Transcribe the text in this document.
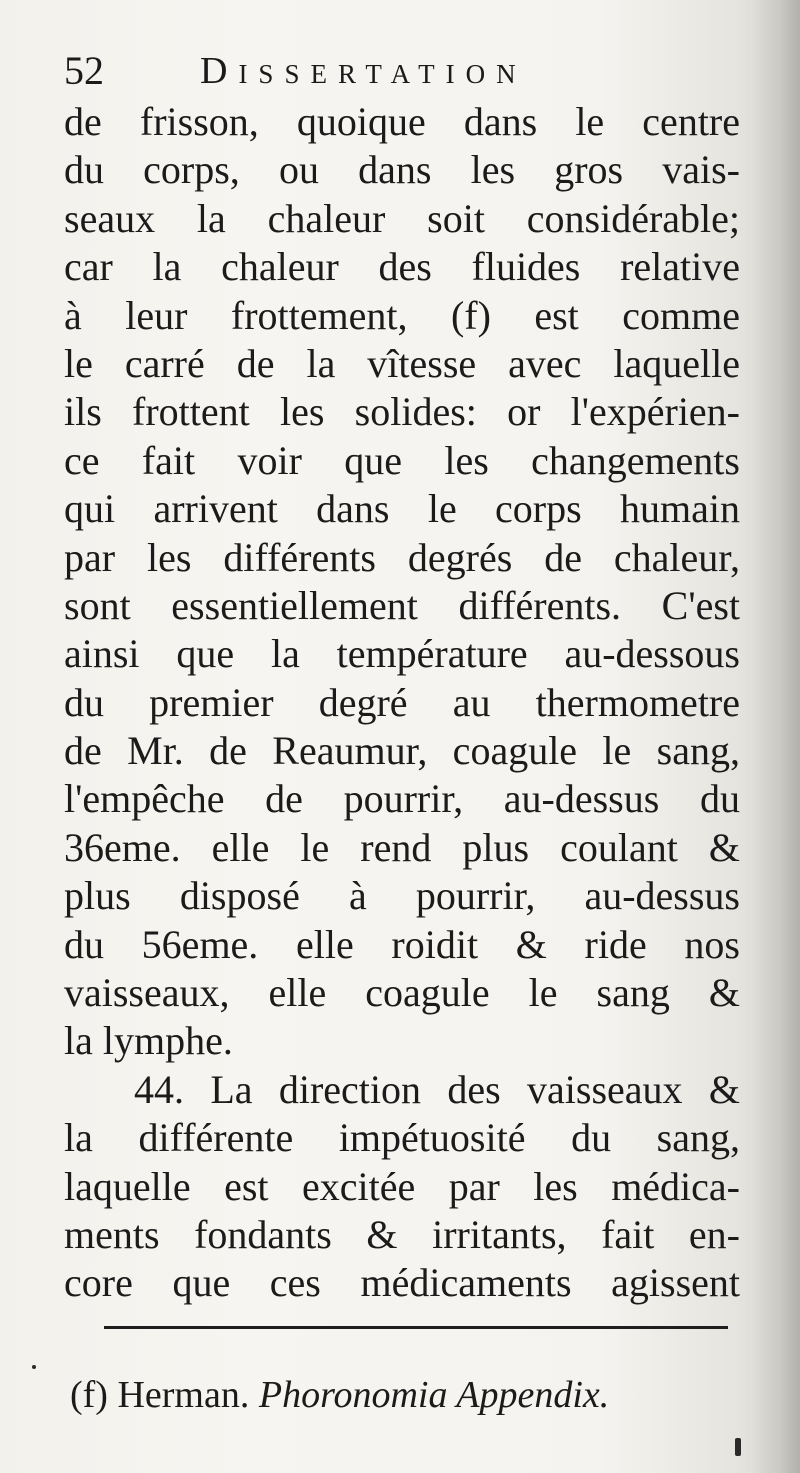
52	Dissertation
de frisson, quoique dans le centre
du corps, ou dans les gros vais-
seaux la chaleur soit considérable;
car la chaleur des fluides relative
à leur frottement, (f) est comme
le carré de la vîtesse avec laquelle
ils frottent les solides: or l'expérien-
ce fait voir que les changements
qui arrivent dans le corps humain
par les différents degrés de chaleur,
sont essentiellement différents. C'est
ainsi que la température au-dessous
du premier degré au thermometre
de Mr. de Reaumur, coagule le sang,
l'empêche de pourrir, au-dessus du
36eme. elle le rend plus coulant &
plus disposé à pourrir, au-dessus
du 56eme. elle roidit & ride nos
vaisseaux, elle coagule le sang &
la lymphe.
44. La direction des vaisseaux &
la différente impétuosité du sang,
laquelle est excitée par les médica-
ments fondants & irritants, fait en-
core que ces médicaments agissent
(f) Herman. Phoronomia Appendix.
